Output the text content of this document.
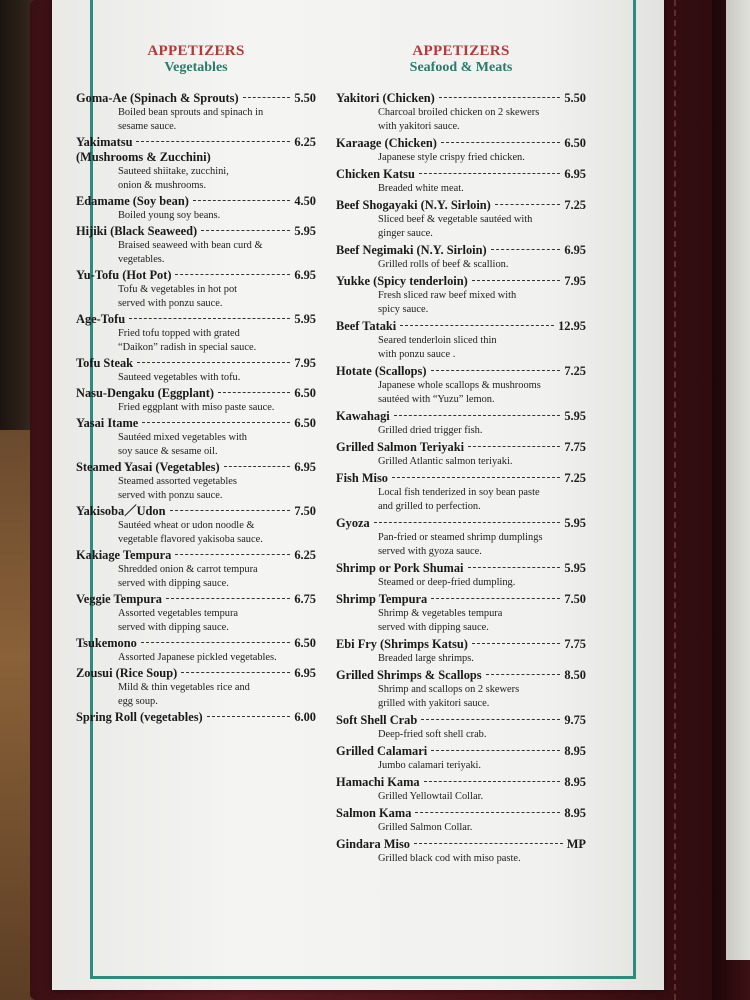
APPETIZERS
Vegetables
Goma-Ae (Spinach & Sprouts)	5.50
Boiled bean sprouts and spinach in
sesame sauce.
Yakimatsu	6.25
(Mushrooms & Zucchini)
Sauteed shiitake, zucchini,
onion & mushrooms.
Edamame (Soy bean)	4.50
Boiled young soy beans.
Hijiki (Black Seaweed)	5.95
Braised seaweed with bean curd &
vegetables.
Yu-Tofu (Hot Pot)	6.95
Tofu & vegetables in hot pot
served with ponzu sauce.
Age-Tofu	5.95
Fried tofu topped with grated
“Daikon” radish in special sauce.
Tofu Steak	7.95
Sauteed vegetables with tofu.
Nasu-Dengaku (Eggplant)	6.50
Fried eggplant with miso paste sauce.
Yasai Itame	6.50
Sautéed mixed vegetables with
soy sauce & sesame oil.
Steamed Yasai (Vegetables)	6.95
Steamed assorted vegetables
served with ponzu sauce.
Yakisoba／Udon	7.50
Sautéed wheat or udon noodle &
vegetable flavored yakisoba sauce.
Kakiage Tempura	6.25
Shredded onion & carrot tempura
served with dipping sauce.
Veggie Tempura	6.75
Assorted vegetables tempura
served with dipping sauce.
Tsukemono	6.50
Assorted Japanese pickled vegetables.
Zousui (Rice Soup)	6.95
Mild & thin vegetables rice and
egg soup.
Spring Roll (vegetables)	6.00
APPETIZERS
Seafood & Meats
Yakitori (Chicken)	5.50
Charcoal broiled chicken on 2 skewers
with yakitori sauce.
Karaage (Chicken)	6.50
Japanese style crispy fried chicken.
Chicken Katsu	6.95
Breaded white meat.
Beef Shogayaki (N.Y. Sirloin)	7.25
Sliced beef & vegetable sautéed with
ginger sauce.
Beef Negimaki (N.Y. Sirloin)	6.95
Grilled rolls of beef & scallion.
Yukke (Spicy tenderloin)	7.95
Fresh sliced raw beef mixed with
spicy sauce.
Beef Tataki	12.95
Seared tenderloin sliced thin
with ponzu sauce .
Hotate (Scallops)	7.25
Japanese whole scallops & mushrooms
sautéed with “Yuzu” lemon.
Kawahagi	5.95
Grilled dried trigger fish.
Grilled Salmon Teriyaki	7.75
Grilled Atlantic salmon teriyaki.
Fish Miso	7.25
Local fish tenderized in soy bean paste
and grilled to perfection.
Gyoza	5.95
Pan-fried or steamed shrimp dumplings
served with gyoza sauce.
Shrimp or Pork Shumai	5.95
Steamed or deep-fried dumpling.
Shrimp Tempura	7.50
Shrimp & vegetables tempura
served with dipping sauce.
Ebi Fry (Shrimps Katsu)	7.75
Breaded large shrimps.
Grilled Shrimps & Scallops	8.50
Shrimp and scallops on 2 skewers
grilled with yakitori sauce.
Soft Shell Crab	9.75
Deep-fried soft shell crab.
Grilled Calamari	8.95
Jumbo calamari teriyaki.
Hamachi Kama	8.95
Grilled Yellowtail Collar.
Salmon Kama	8.95
Grilled Salmon Collar.
Gindara Miso	MP
Grilled black cod with miso paste.
